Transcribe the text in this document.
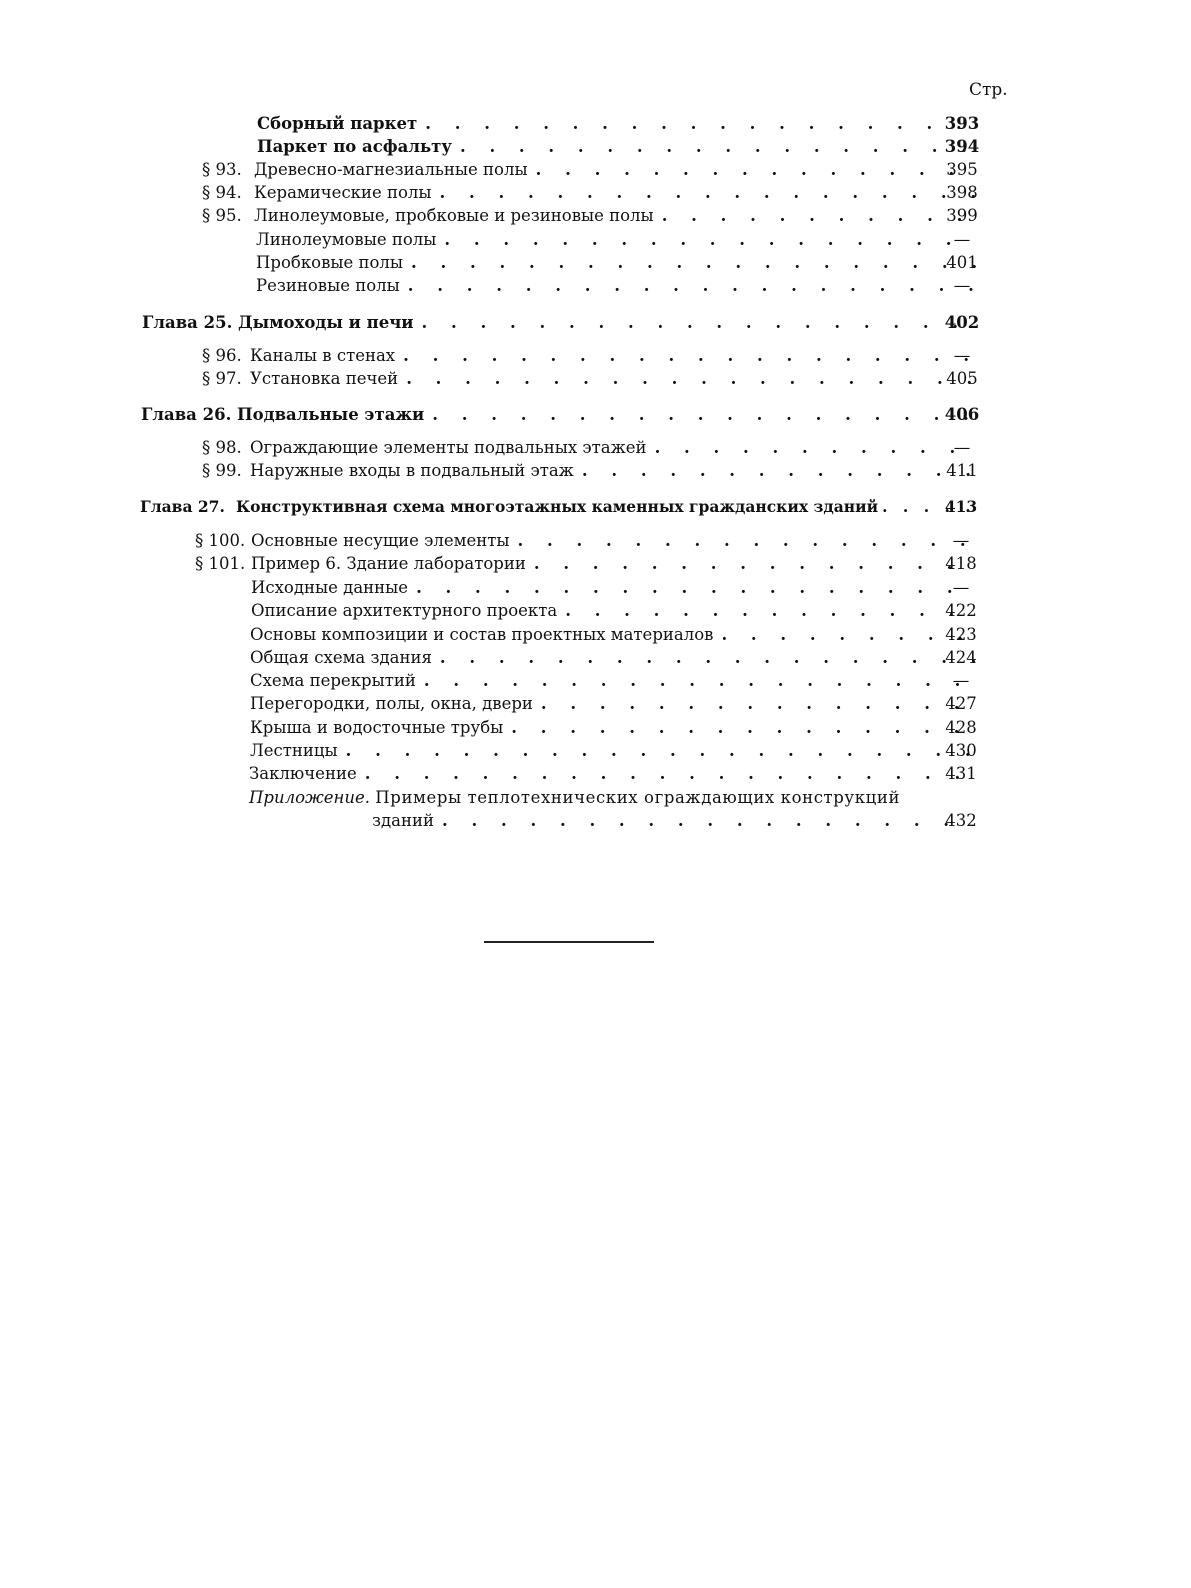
Стр.
Сборный паркет . . .	393
Паркет по асфальту . . .	394
§ 93. Древесно-магнезиальные полы . . .	395
§ 94. Керамические полы . . .	398
§ 95. Линолеумовые, пробковые и резиновые полы . . .	399
Линолеумовые полы . . .	—
Пробковые полы . . .	401
Резиновые полы . . .	—
Глава 25. Дымоходы и печи . . .	402
§ 96. Каналы в стенах . . .	—
§ 97. Установка печей . . .	405
Глава 26. Подвальные этажи . . .	406
§ 98. Ограждающие элементы подвальных этажей . . .	—
§ 99. Наружные входы в подвальный этаж . . .	411
Глава 27. Конструктивная схема многоэтажных каменных гражданских зданий . . .	413
§ 100. Основные несущие элементы . . .	—
§ 101. Пример 6. Здание лаборатории . . .	418
Исходные данные . . .	—
Описание архитектурного проекта . . .	422
Основы композиции и состав проектных материалов . . .	423
Общая схема здания . . .	424
Схема перекрытий . . .	—
Перегородки, полы, окна, двери . . .	427
Крыша и водосточные трубы . . .	428
Лестницы . . .	430
Заключение . . .	431
Приложение. Примеры теплотехнических ограждающих конструкций
зданий . . .	432
